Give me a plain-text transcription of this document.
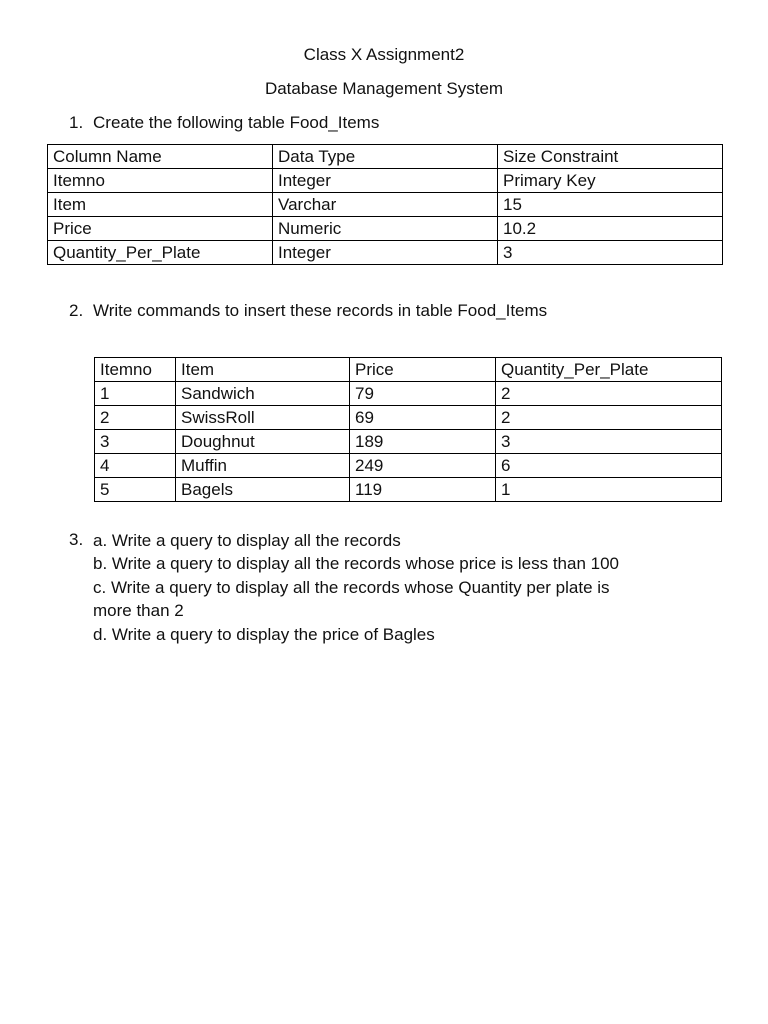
Class X Assignment2
Database Management System
1. Create the following table Food_Items
Column Name	Data Type	Size Constraint
Itemno	Integer	Primary Key
Item	Varchar	15
Price	Numeric	10.2
Quantity_Per_Plate	Integer	3
2. Write commands to insert these records in table Food_Items
Itemno	Item	Price	Quantity_Per_Plate
1	Sandwich	79	2
2	SwissRoll	69	2
3	Doughnut	189	3
4	Muffin	249	6
5	Bagels	119	1
3. a. Write a query to display all the records
b. Write a query to display all the records whose price is less than 100
c. Write a query to display all the records whose Quantity per plate is
more than 2
d. Write a query to display the price of Bagles
